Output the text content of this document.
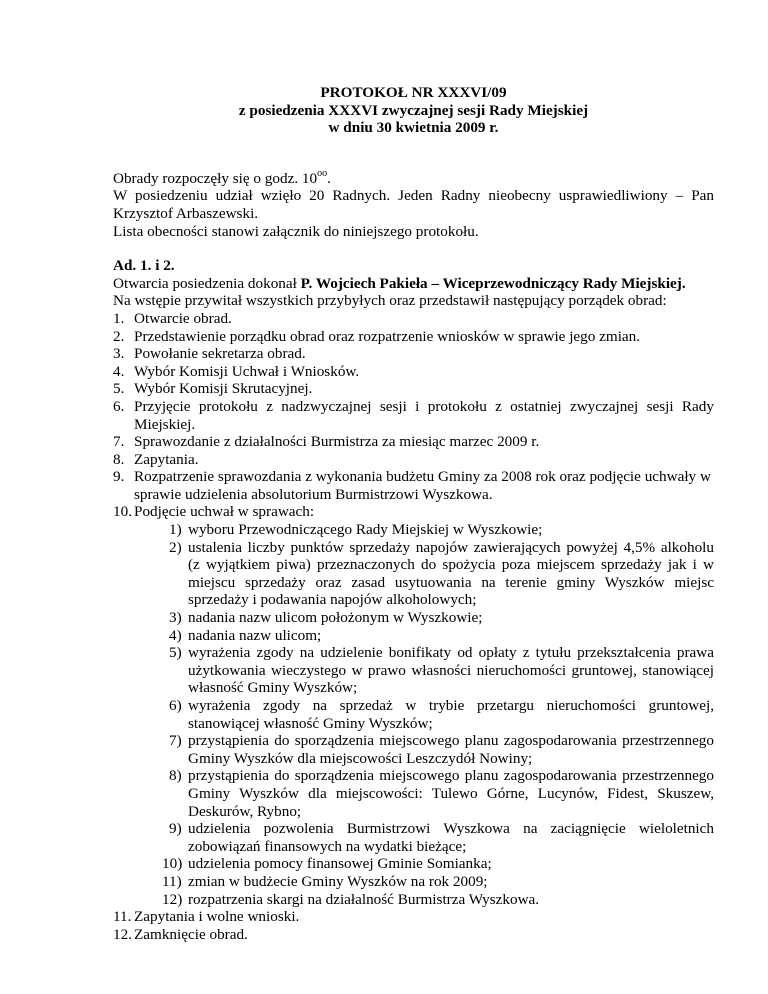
PROTOKOŁ NR XXXVI/09
z posiedzenia XXXVI zwyczajnej sesji Rady Miejskiej
w dniu 30 kwietnia 2009 r.
Obrady rozpoczęły się o godz. $10^{oo}$.
W posiedzeniu udział wzięło 20 Radnych. Jeden Radny nieobecny usprawiedliwiony – Pan Krzysztof Arbaszewski.
Lista obecności stanowi załącznik do niniejszego protokołu.
Ad. 1. i 2.
Otwarcia posiedzenia dokonał P. Wojciech Pakieła – Wiceprzewodniczący Rady Miejskiej.
Na wstępie przywitał wszystkich przybyłych oraz przedstawił następujący porządek obrad:
1. Otwarcie obrad.
2. Przedstawienie porządku obrad oraz rozpatrzenie wniosków w sprawie jego zmian.
3. Powołanie sekretarza obrad.
4. Wybór Komisji Uchwał i Wniosków.
5. Wybór Komisji Skrutacyjnej.
6. Przyjęcie protokołu z nadzwyczajnej sesji i protokołu z ostatniej zwyczajnej sesji Rady Miejskiej.
7. Sprawozdanie z działalności Burmistrza za miesiąc marzec 2009 r.
8. Zapytania.
9. Rozpatrzenie sprawozdania z wykonania budżetu Gminy za 2008 rok oraz podjęcie uchwały w sprawie udzielenia absolutorium Burmistrzowi Wyszkowa.
10. Podjęcie uchwał w sprawach:
1) wyboru Przewodniczącego Rady Miejskiej w Wyszkowie;
2) ustalenia liczby punktów sprzedaży napojów zawierających powyżej 4,5% alkoholu (z wyjątkiem piwa) przeznaczonych do spożycia poza miejscem sprzedaży jak i w miejscu sprzedaży oraz zasad usytuowania na terenie gminy Wyszków miejsc sprzedaży i podawania napojów alkoholowych;
3) nadania nazw ulicom położonym w Wyszkowie;
4) nadania nazw ulicom;
5) wyrażenia zgody na udzielenie bonifikaty od opłaty z tytułu przekształcenia prawa użytkowania wieczystego w prawo własności nieruchomości gruntowej, stanowiącej własność Gminy Wyszków;
6) wyrażenia zgody na sprzedaż w trybie przetargu nieruchomości gruntowej, stanowiącej własność Gminy Wyszków;
7) przystąpienia do sporządzenia miejscowego planu zagospodarowania przestrzennego Gminy Wyszków dla miejscowości Leszczydół Nowiny;
8) przystąpienia do sporządzenia miejscowego planu zagospodarowania przestrzennego Gminy Wyszków dla miejscowości: Tulewo Górne, Lucynów, Fidest, Skuszew, Deskurów, Rybno;
9) udzielenia pozwolenia Burmistrzowi Wyszkowa na zaciągnięcie wieloletnich zobowiązań finansowych na wydatki bieżące;
10) udzielenia pomocy finansowej Gminie Somianka;
11) zmian w budżecie Gminy Wyszków na rok 2009;
12) rozpatrzenia skargi na działalność Burmistrza Wyszkowa.
11. Zapytania i wolne wnioski.
12. Zamknięcie obrad.
